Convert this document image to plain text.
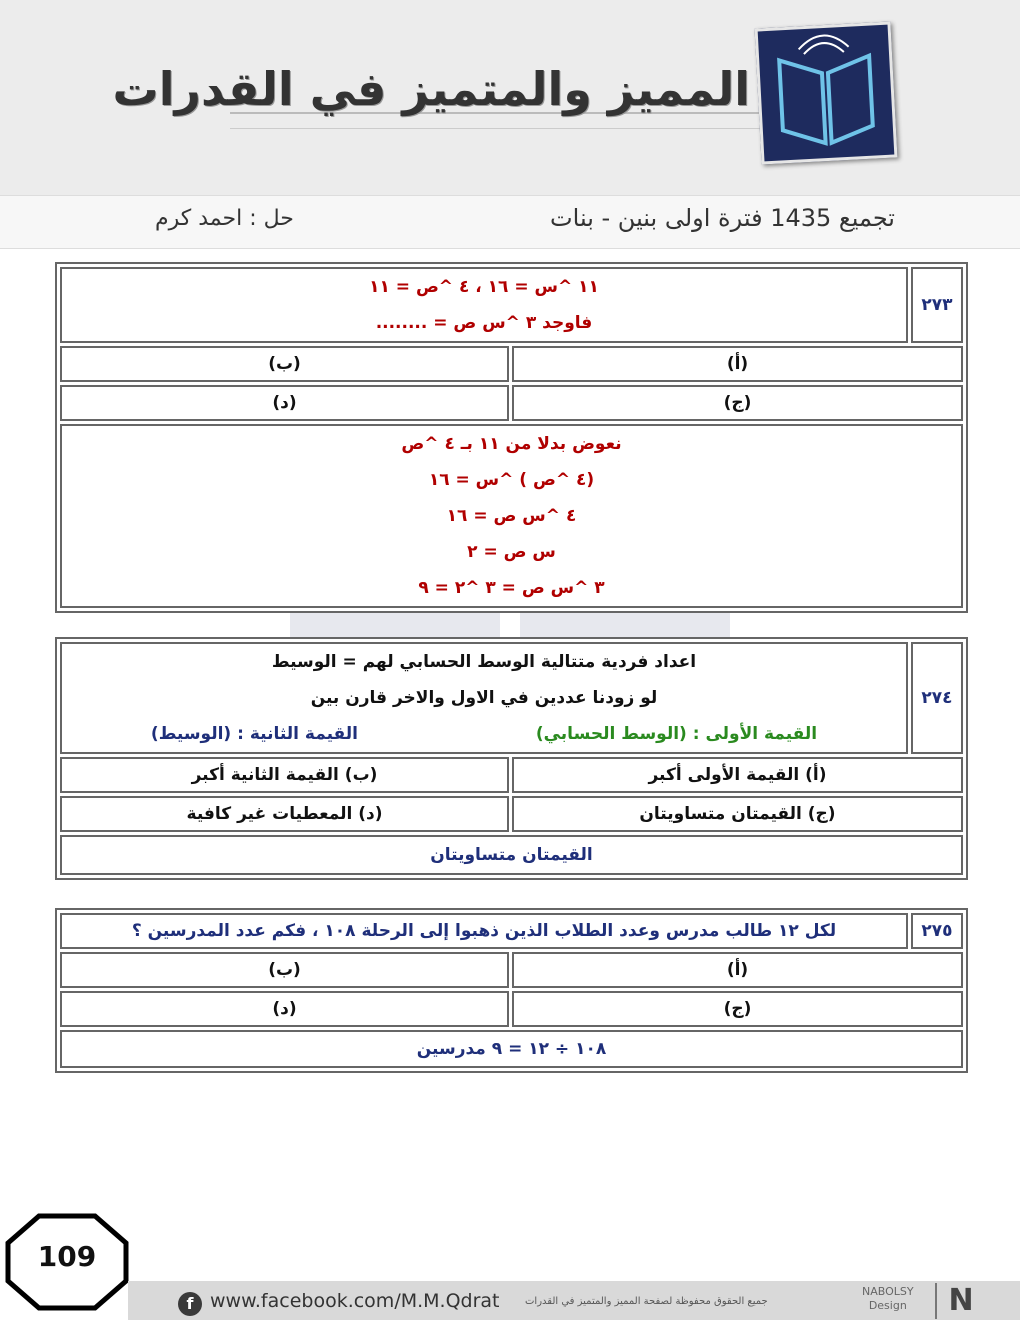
المميز والمتميز في القدرات
حل : احمد كرم	تجميع 1435 فترة اولى بنين - بنات
٢٧٣	١١ ^س = ١٦ ، ٤ ^ص = ١١
فاوجد ٣ ^س ص = ........	

(أ)		(ب)
(ج)		(د)

نعوض بدلا من ١١ بـ ٤ ^ص
(٤ ^ص ) ^س = ١٦
٤ ^س ص = ١٦
س ص = ٢
٣ ^س ص = ٣ ^٢ = ٩		
٢٧٤	اعداد فردية متتالية الوسط الحسابي لهم = الوسيط
لو زودنا عددين في الاول والاخر قارن بين
القيمة الأولى : (الوسط الحسابي)
القيمة الثانية : (الوسيط)	

(أ) القيمة الأولى أكبر		(ب) القيمة الثانية أكبر
(ج) القيمتان متساويتان		(د) المعطيات غير كافية
القيمتان متساويتان		
٢٧٥	لكل ١٢ طالب مدرس وعدد الطلاب الذين ذهبوا إلى الرحلة ١٠٨ ، فكم عدد المدرسين ؟	
(أ)		(ب)
(ج)		(د)
١٠٨ ÷ ١٢ = ٩ مدرسين		
109
f www.facebook.com/M.M.Qdrat	جميع الحقوق محفوظة لصفحة المميز والمتميز في القدرات
NABOLSY
Design	N
